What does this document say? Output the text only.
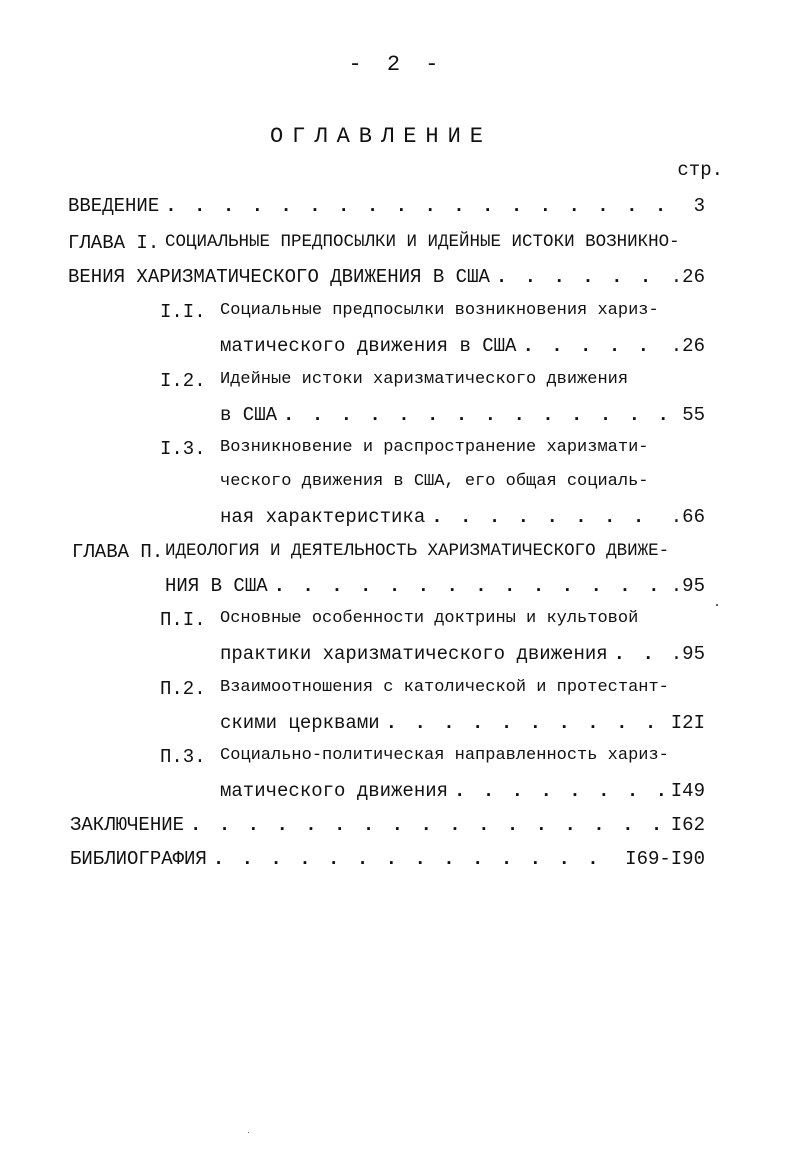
- 2 -
ОГЛАВЛЕНИЕ
стр.
ВВЕДЕНИЕ . . .	3
ГЛАВА I. СОЦИАЛЬНЫЕ ПРЕДПОСЫЛКИ И ИДЕЙНЫЕ ИСТОКИ ВОЗНИКНО-
ВЕНИЯ ХАРИЗМАТИЧЕСКОГО ДВИЖЕНИЯ В США . . .	.26
I.I. Социальные предпосылки возникновения хариз-
матического движения в США . . .	.26
I.2. Идейные истоки харизматического движения
в США . . .	55
I.3. Возникновение и распространение харизмати-
ческого движения в США, его общая социаль-
ная характеристика . . .	.66
ГЛАВА П. ИДЕОЛОГИЯ И ДЕЯТЕЛЬНОСТЬ ХАРИЗМАТИЧЕСКОГО ДВИЖЕ-
НИЯ В США . . .	.95
П.I. Основные особенности доктрины и культовой
практики харизматического движения . . .	.95
П.2. Взаимоотношения с католической и протестант-
скими церквами . . .	I2I
П.3. Социально-политическая направленность хариз-
матического движения . . .	I49
ЗАКЛЮЧЕНИЕ . . .	I62
БИБЛИОГРАФИЯ . . .	I69-I90
